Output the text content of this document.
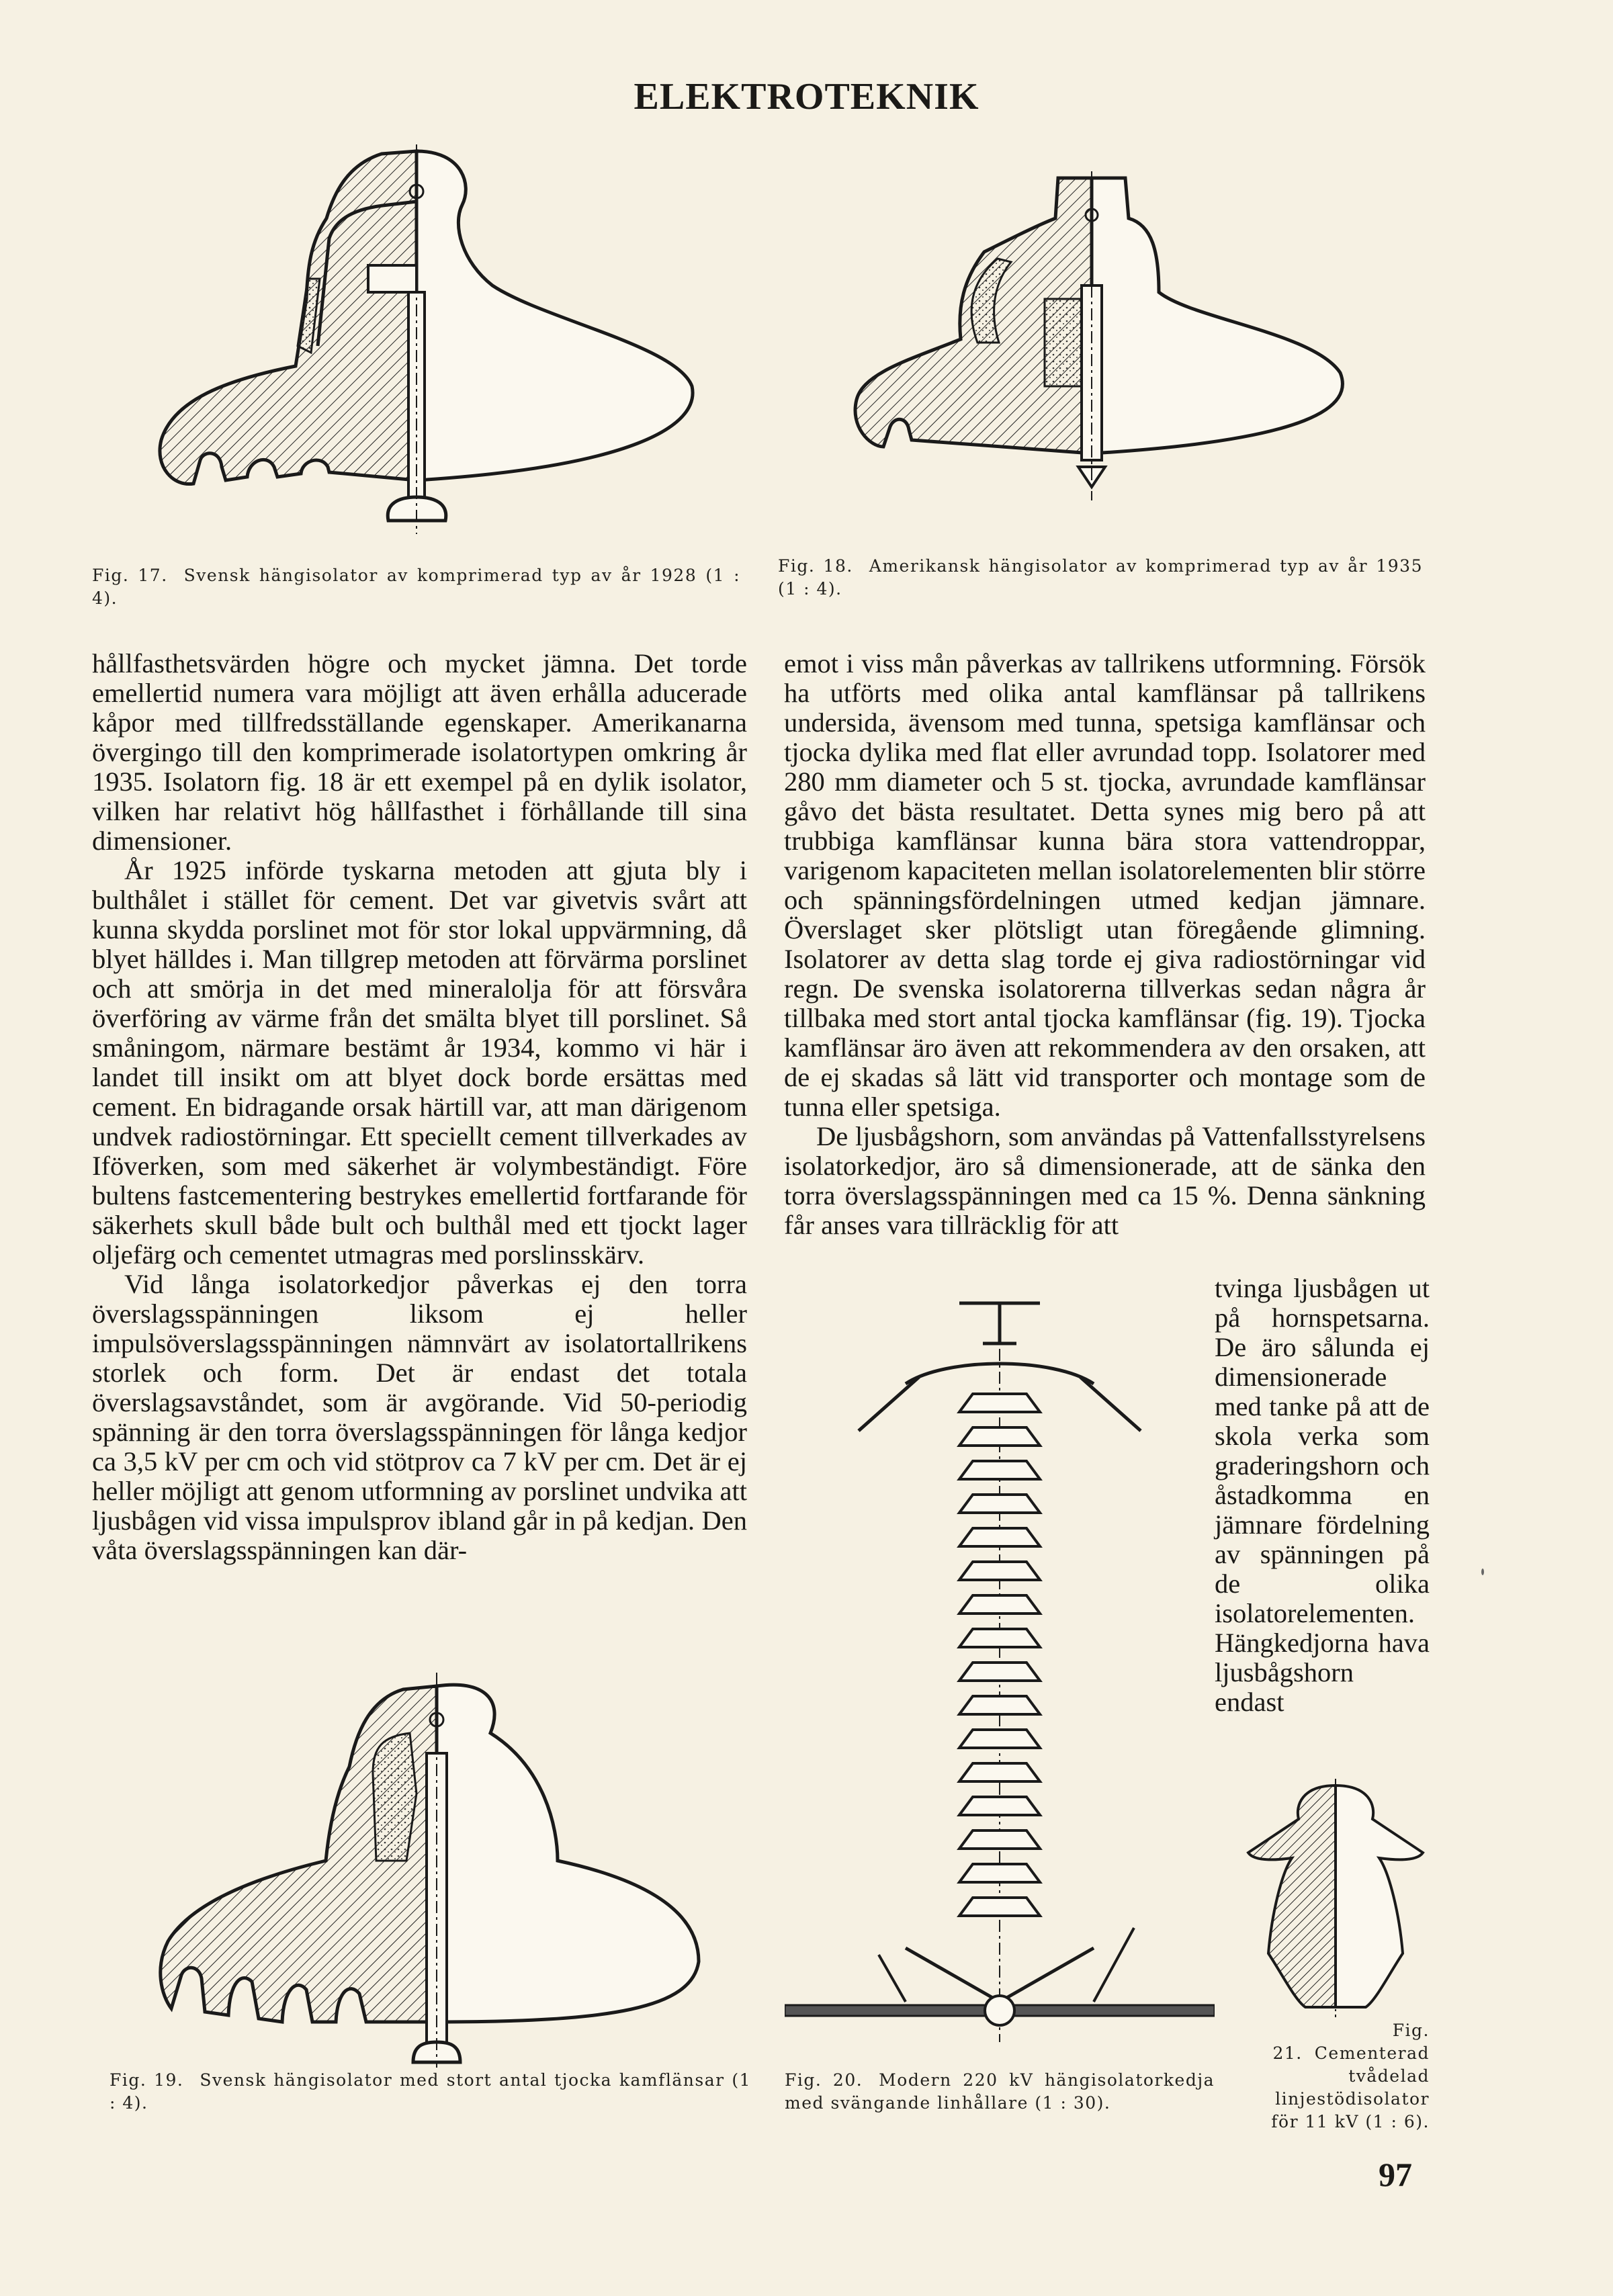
ELEKTROTEKNIK
Fig. 17. Svensk hängisolator av komprimerad typ av år 1928 (1 : 4).
Fig. 18. Amerikansk hängisolator av komprimerad typ av år 1935 (1 : 4).

hållfasthetsvärden högre och mycket jämna. Det torde emellertid numera vara möjligt att även erhålla aducerade kåpor med tillfredsställande egenskaper. Amerikanarna övergingo till den komprimerade isolatortypen omkring år 1935. Isolatorn fig. 18 är ett exempel på en dylik isolator, vilken har relativt hög hållfasthet i förhållande till sina dimensioner.

År 1925 införde tyskarna metoden att gjuta bly i bulthålet i stället för cement. Det var givetvis svårt att kunna skydda porslinet mot för stor lokal uppvärmning, då blyet hälldes i. Man tillgrep metoden att förvärma porslinet och att smörja in det med mineralolja för att försvåra överföring av värme från det smälta blyet till porslinet. Så småningom, närmare bestämt år 1934, kommo vi här i landet till insikt om att blyet dock borde ersättas med cement. En bidragande orsak härtill var, att man därigenom undvek radiostörningar. Ett speciellt cement tillverkades av Iföverken, som med säkerhet är volymbeständigt. Före bultens fastcementering bestrykes emellertid fortfarande för säkerhets skull både bult och bulthål med ett tjockt lager oljefärg och cementet utmagras med porslinsskärv.

Vid långa isolatorkedjor påverkas ej den torra överslagsspänningen liksom ej heller impulsöverslagsspänningen nämnvärt av isolatortallrikens storlek och form. Det är endast det totala överslagsavståndet, som är avgörande. Vid 50-periodig spänning är den torra överslagsspänningen för långa kedjor ca 3,5 kV per cm och vid stötprov ca 7 kV per cm. Det är ej heller möjligt att genom utformning av porslinet undvika att ljusbågen vid vissa impulsprov ibland går in på kedjan. Den våta överslagsspänningen kan där-

emot i viss mån påverkas av tallrikens utformning. Försök ha utförts med olika antal kamflänsar på tallrikens undersida, ävensom med tunna, spetsiga kamflänsar och tjocka dylika med flat eller avrundad topp. Isolatorer med 280 mm diameter och 5 st. tjocka, avrundade kamflänsar gåvo det bästa resultatet. Detta synes mig bero på att trubbiga kamflänsar kunna bära stora vattendroppar, varigenom kapaciteten mellan isolatorelementen blir större och spänningsfördelningen utmed kedjan jämnare. Överslaget sker plötsligt utan föregående glimning. Isolatorer av detta slag torde ej giva radiostörningar vid regn. De svenska isolatorerna tillverkas sedan några år tillbaka med stort antal tjocka kamflänsar (fig. 19). Tjocka kamflänsar äro även att rekommendera av den orsaken, att de ej skadas så lätt vid transporter och montage som de tunna eller spetsiga.

De ljusbågshorn, som användas på Vattenfallsstyrelsens isolatorkedjor, äro så dimensionerade, att de sänka den torra överslagsspänningen med ca 15 %. Denna sänkning får anses vara tillräcklig för att

tvinga ljusbågen ut på hornspetsarna. De äro sålunda ej dimensionerade med tanke på att de skola verka som graderingshorn och åstadkomma en jämnare fördelning av spänningen på de olika isolatorelementen. Hängkedjorna hava ljusbågshorn endast

Fig. 19. Svensk hängisolator med stort antal tjocka kamflänsar (1 : 4).
Fig. 20. Modern 220 kV hängisolatorkedja med svängande linhållare (1 : 30).
Fig. 21. Cementerad tvådelad linjestödisolator för 11 kV (1 : 6).
97
